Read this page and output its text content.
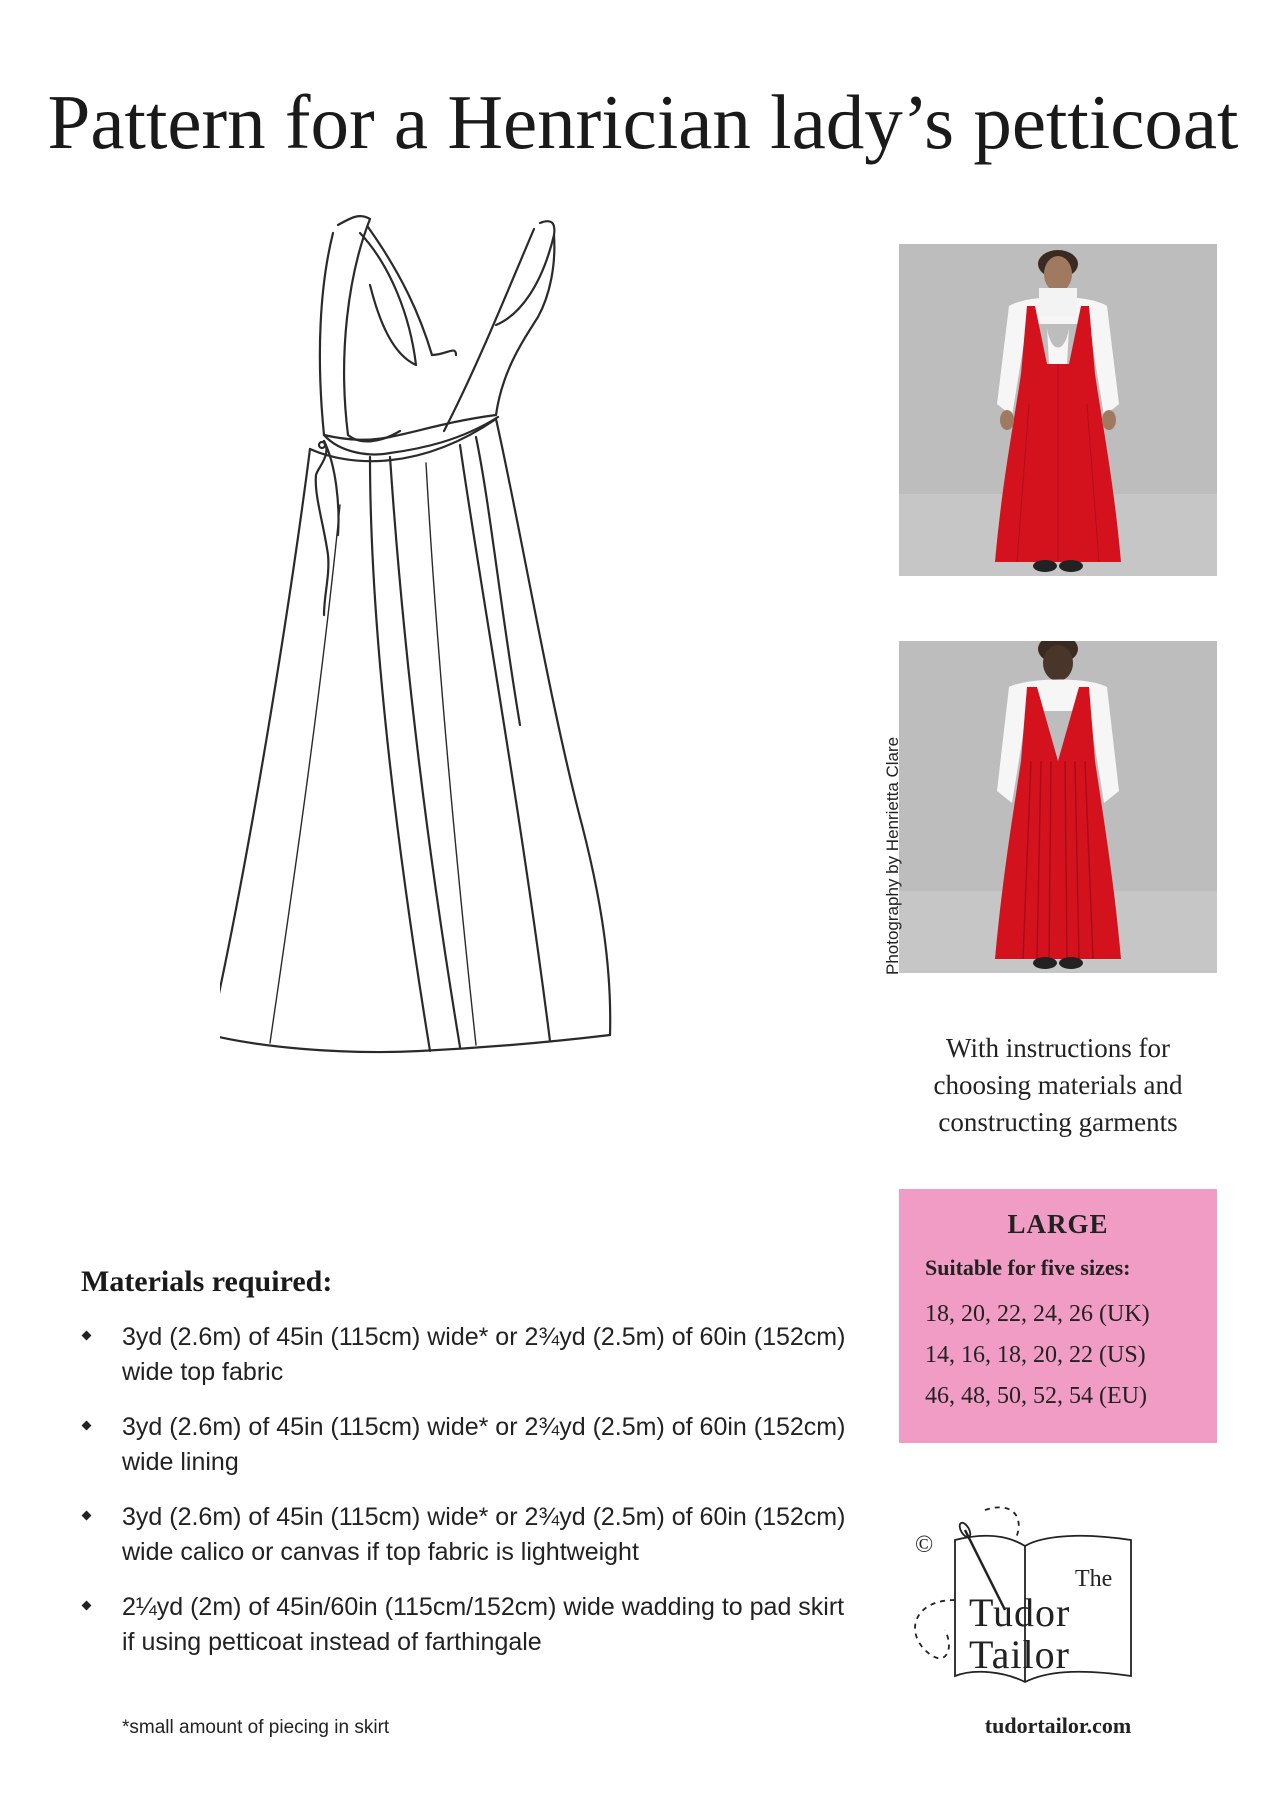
Pattern for a Henrician lady’s petticoat
Photography by Henrietta Clare
With instructions for
choosing materials and
constructing garments
LARGE
Suitable for five sizes:
18, 20, 22, 24, 26 (UK)
14, 16, 18, 20, 22 (US)
46, 48, 50, 52, 54 (EU)
Materials required:
3yd (2.6m) of 45in (115cm) wide* or 2¾yd (2.5m) of 60in (152cm) wide top fabric
3yd (2.6m) of 45in (115cm) wide* or 2¾yd (2.5m) of 60in (152cm) wide lining
3yd (2.6m) of 45in (115cm) wide* or 2¾yd (2.5m) of 60in (152cm) wide calico or canvas if top fabric is lightweight
2¼yd (2m) of 45in/60in (115cm/152cm) wide wadding to pad skirt if using petticoat instead of farthingale
*small amount of piecing in skirt
©
The
Tudor
Tailor
tudortailor.com
